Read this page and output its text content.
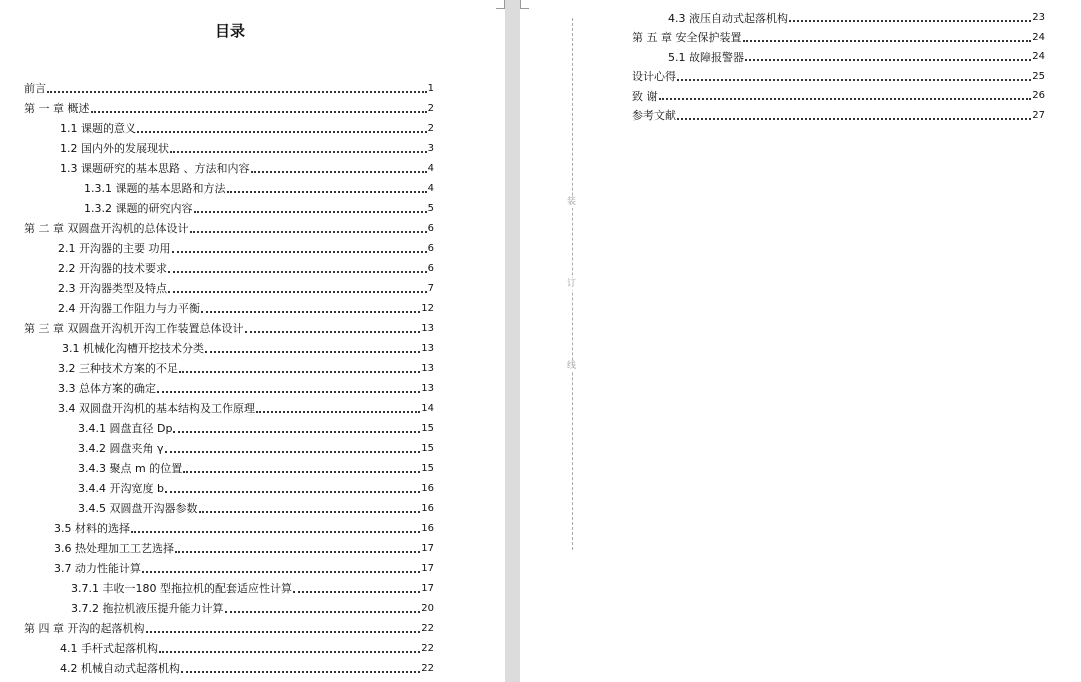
目录
前言	1
第 一 章 概述	2
1.1 课题的意义	2
1.2 国内外的发展现状	3
1.3 课题研究的基本思路 、方法和内容	4
1.3.1 课题的基本思路和方法	4
1.3.2 课题的研究内容	5
第 二 章 双圆盘开沟机的总体设计	6
2.1 开沟器的主要 功用	6
2.2 开沟器的技术要求	6
2.3 开沟器类型及特点	7
2.4 开沟器工作阻力与力平衡	12
第 三 章 双圆盘开沟机开沟工作装置总体设计	13
3.1 机械化沟槽开挖技术分类	13
3.2 三种技术方案的不足	13
3.3 总体方案的确定	13
3.4 双圆盘开沟机的基本结构及工作原理	14
3.4.1 圆盘直径 Dp	15
3.4.2 圆盘夹角 γ	15
3.4.3 聚点 m 的位置	15
3.4.4 开沟宽度 b	16
3.4.5 双圆盘开沟器参数	16
3.5 材料的选择	16
3.6 热处理加工工艺选择	17
3.7 动力性能计算	17
3.7.1 丰收一180 型拖拉机的配套适应性计算	17
3.7.2 拖拉机液压提升能力计算	20
第 四 章 开沟的起落机构	22
4.1 手杆式起落机构	22
4.2 机械自动式起落机构	22
装
订
线
4.3 液压自动式起落机构	23
第 五 章 安全保护装置	24
5.1 故障报警器	24
设计心得	25
致 谢	26
参考文献	27
